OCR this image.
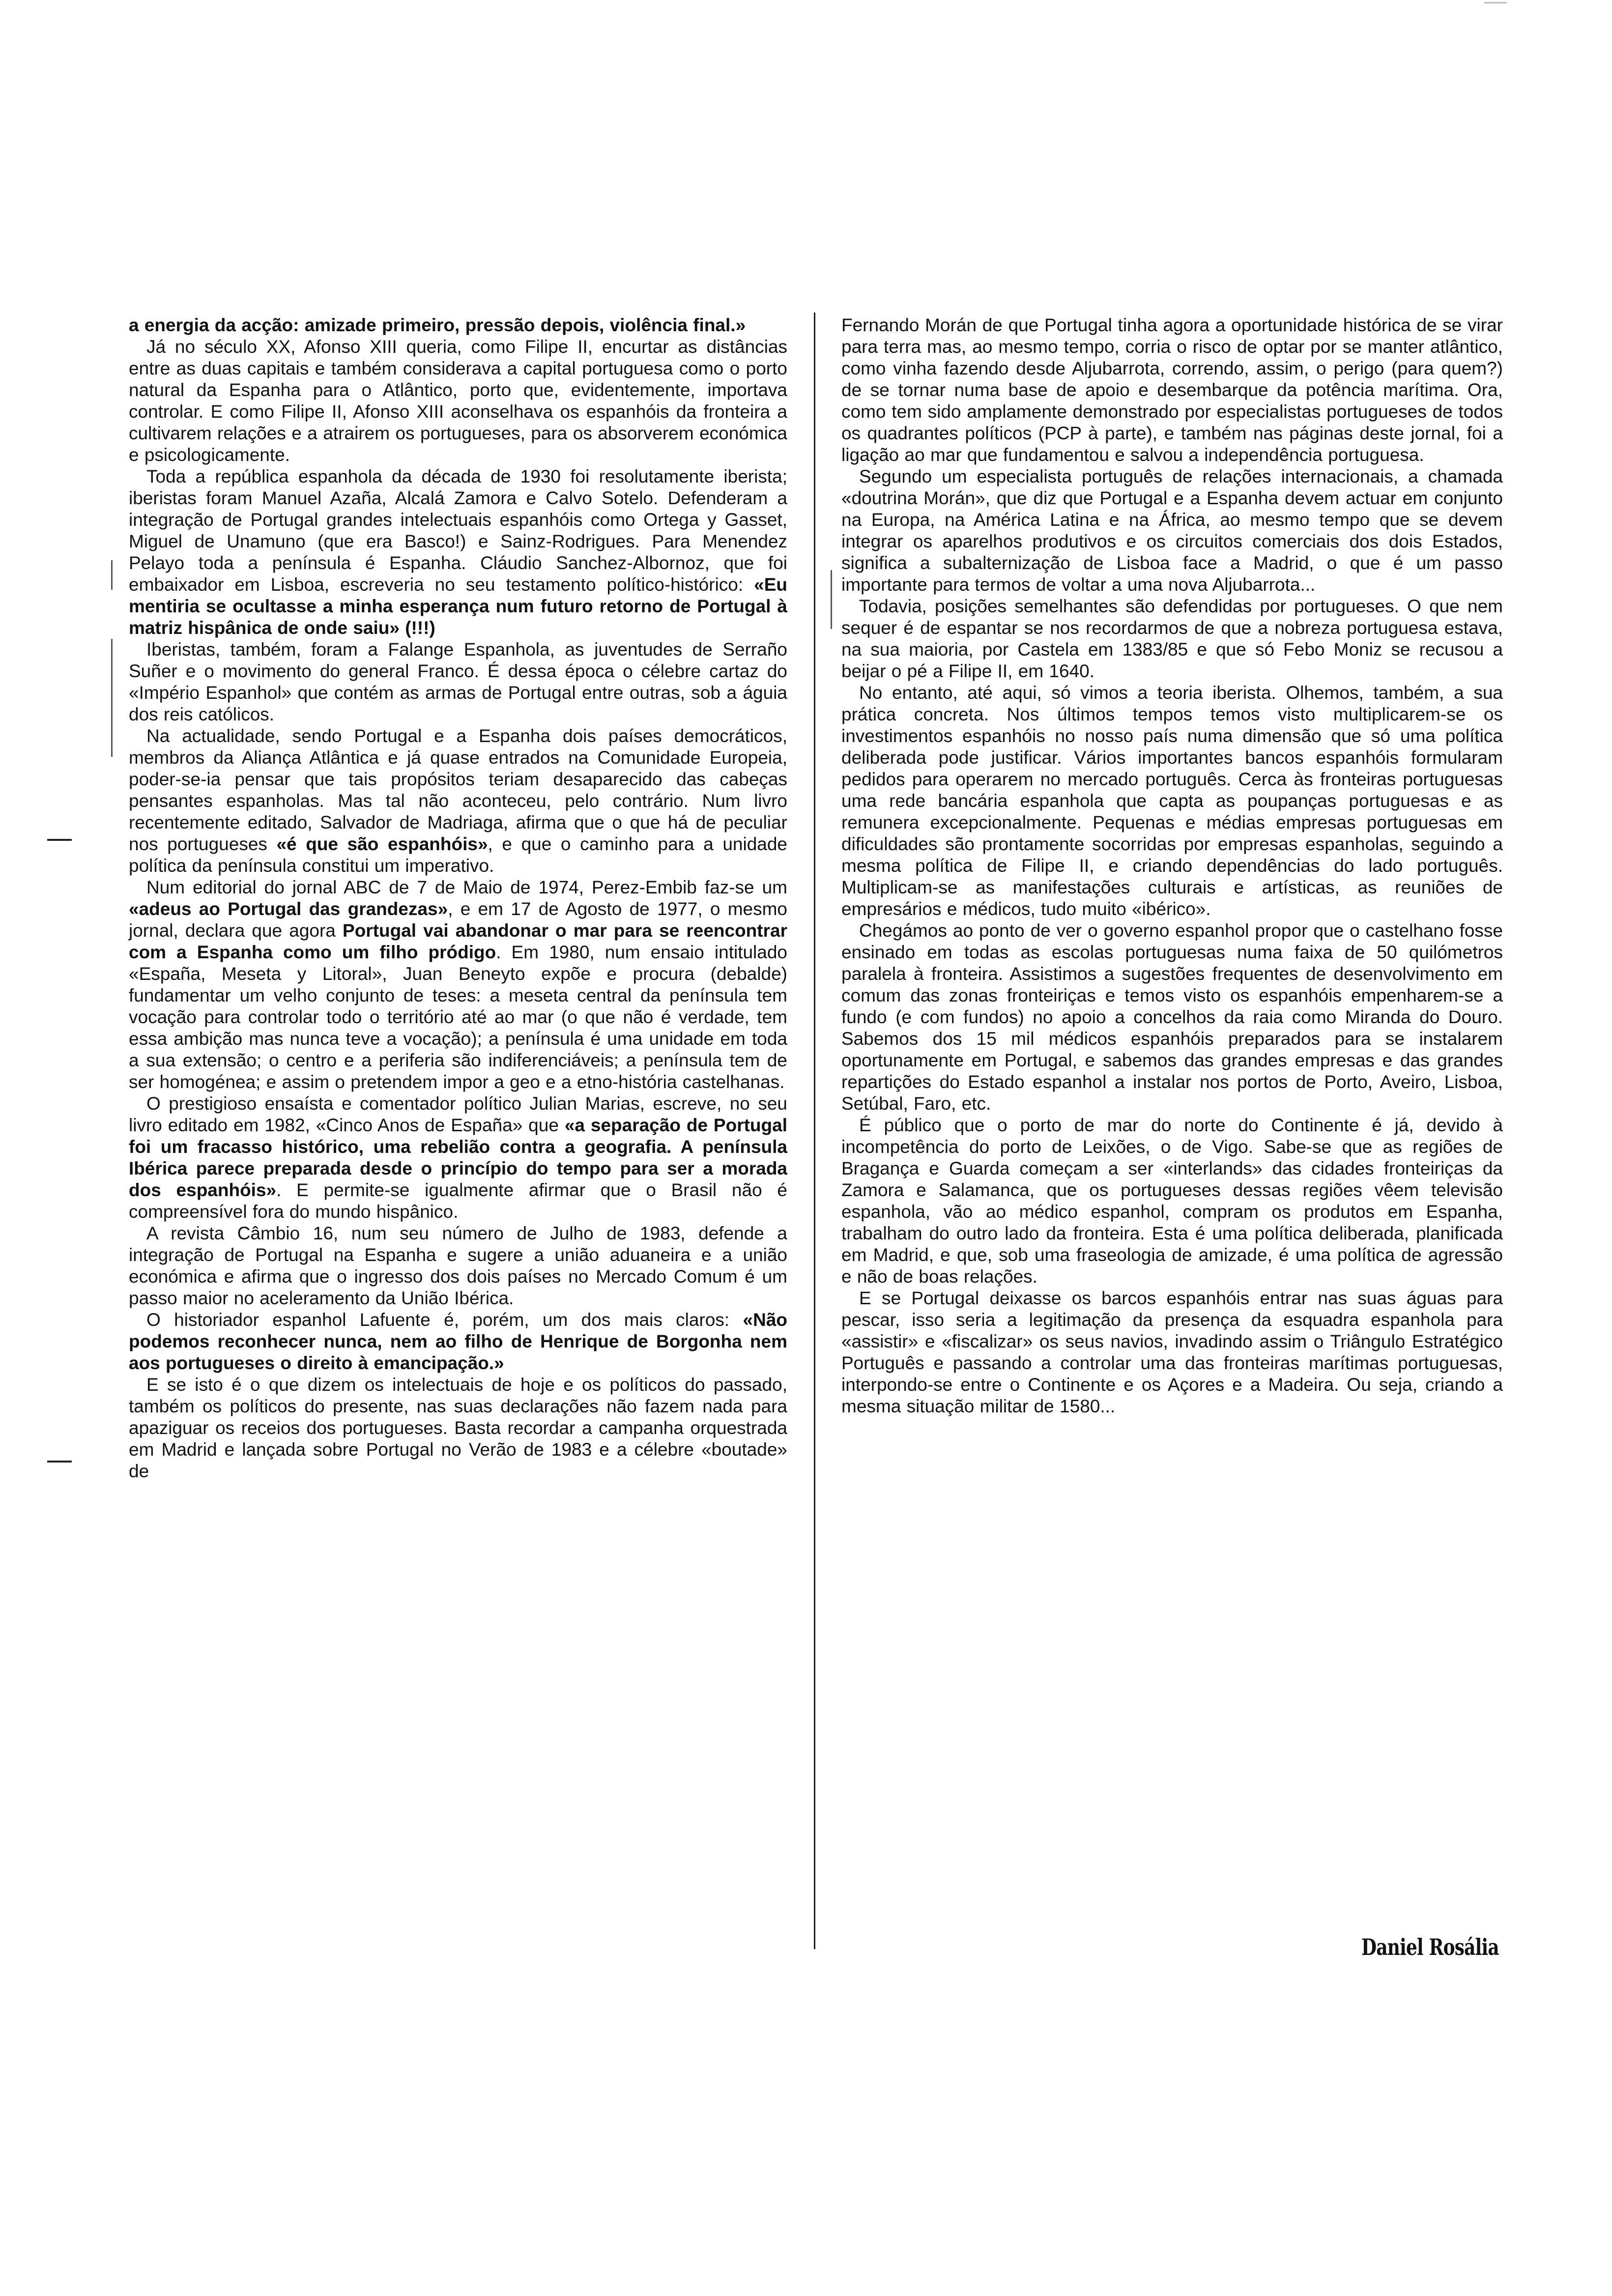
a energia da acção: amizade primeiro, pressão depois, violência final.»

Já no século XX, Afonso XIII queria, como Filipe II, encurtar as distâncias entre as duas capitais e também considerava a capital portuguesa como o porto natural da Espanha para o Atlântico, porto que, evidentemente, importava controlar. E como Filipe II, Afonso XIII aconselhava os espanhóis da fronteira a cultivarem relações e a atrairem os portugueses, para os absorverem económica e psicologicamente.

Toda a república espanhola da década de 1930 foi resolutamente iberista; iberistas foram Manuel Azaña, Alcalá Zamora e Calvo Sotelo. Defenderam a integração de Portugal grandes intelectuais espanhóis como Ortega y Gasset, Miguel de Unamuno (que era Basco!) e Sainz-Rodrigues. Para Menendez Pelayo toda a península é Espanha. Cláudio Sanchez-Albornoz, que foi embaixador em Lisboa, escreveria no seu testamento político-histórico: «Eu mentiria se ocultasse a minha esperança num futuro retorno de Portugal à matriz hispânica de onde saiu» (!!!)

Iberistas, também, foram a Falange Espanhola, as juventudes de Serraño Suñer e o movimento do general Franco. É dessa época o célebre cartaz do «Império Espanhol» que contém as armas de Portugal entre outras, sob a águia dos reis católicos.

Na actualidade, sendo Portugal e a Espanha dois países democráticos, membros da Aliança Atlântica e já quase entrados na Comunidade Europeia, poder-se-ia pensar que tais propósitos teriam desaparecido das cabeças pensantes espanholas. Mas tal não aconteceu, pelo contrário. Num livro recentemente editado, Salvador de Madriaga, afirma que o que há de peculiar nos portugueses «é que são espanhóis», e que o caminho para a unidade política da península constitui um imperativo.

Num editorial do jornal ABC de 7 de Maio de 1974, Perez-Embib faz-se um «adeus ao Portugal das grandezas», e em 17 de Agosto de 1977, o mesmo jornal, declara que agora Portugal vai abandonar o mar para se reencontrar com a Espanha como um filho pródigo. Em 1980, num ensaio intitulado «España, Meseta y Litoral», Juan Beneyto expõe e procura (debalde) fundamentar um velho conjunto de teses: a meseta central da península tem vocação para controlar todo o território até ao mar (o que não é verdade, tem essa ambição mas nunca teve a vocação); a península é uma unidade em toda a sua extensão; o centro e a periferia são indiferenciáveis; a península tem de ser homogénea; e assim o pretendem impor a geo e a etno-história castelhanas.

O prestigioso ensaísta e comentador político Julian Marias, escreve, no seu livro editado em 1982, «Cinco Anos de España» que «a separação de Portugal foi um fracasso histórico, uma rebelião contra a geografia. A península Ibérica parece preparada desde o princípio do tempo para ser a morada dos espanhóis». E permite-se igualmente afirmar que o Brasil não é compreensível fora do mundo hispânico.

A revista Câmbio 16, num seu número de Julho de 1983, defende a integração de Portugal na Espanha e sugere a união aduaneira e a união económica e afirma que o ingresso dos dois países no Mercado Comum é um passo maior no aceleramento da União Ibérica.

O historiador espanhol Lafuente é, porém, um dos mais claros: «Não podemos reconhecer nunca, nem ao filho de Henrique de Borgonha nem aos portugueses o direito à emancipação.»

E se isto é o que dizem os intelectuais de hoje e os políticos do passado, também os políticos do presente, nas suas declarações não fazem nada para apaziguar os receios dos portugueses. Basta recordar a campanha orquestrada em Madrid e lançada sobre Portugal no Verão de 1983 e a célebre «boutade» de

Fernando Morán de que Portugal tinha agora a oportunidade histórica de se virar para terra mas, ao mesmo tempo, corria o risco de optar por se manter atlântico, como vinha fazendo desde Aljubarrota, correndo, assim, o perigo (para quem?) de se tornar numa base de apoio e desembarque da potência marítima. Ora, como tem sido amplamente demonstrado por especialistas portugueses de todos os quadrantes políticos (PCP à parte), e também nas páginas deste jornal, foi a ligação ao mar que fundamentou e salvou a independência portuguesa.

Segundo um especialista português de relações internacionais, a chamada «doutrina Morán», que diz que Portugal e a Espanha devem actuar em conjunto na Europa, na América Latina e na África, ao mesmo tempo que se devem integrar os aparelhos produtivos e os circuitos comerciais dos dois Estados, significa a subalternização de Lisboa face a Madrid, o que é um passo importante para termos de voltar a uma nova Aljubarrota...

Todavia, posições semelhantes são defendidas por portugueses. O que nem sequer é de espantar se nos recordarmos de que a nobreza portuguesa estava, na sua maioria, por Castela em 1383/85 e que só Febo Moniz se recusou a beijar o pé a Filipe II, em 1640.

No entanto, até aqui, só vimos a teoria iberista. Olhemos, também, a sua prática concreta. Nos últimos tempos temos visto multiplicarem-se os investimentos espanhóis no nosso país numa dimensão que só uma política deliberada pode justificar. Vários importantes bancos espanhóis formularam pedidos para operarem no mercado português. Cerca às fronteiras portuguesas uma rede bancária espanhola que capta as poupanças portuguesas e as remunera excepcionalmente. Pequenas e médias empresas portuguesas em dificuldades são prontamente socorridas por empresas espanholas, seguindo a mesma política de Filipe II, e criando dependências do lado português. Multiplicam-se as manifestações culturais e artísticas, as reuniões de empresários e médicos, tudo muito «ibérico».

Chegámos ao ponto de ver o governo espanhol propor que o castelhano fosse ensinado em todas as escolas portuguesas numa faixa de 50 quilómetros paralela à fronteira. Assistimos a sugestões frequentes de desenvolvimento em comum das zonas fronteiriças e temos visto os espanhóis empenharem-se a fundo (e com fundos) no apoio a concelhos da raia como Miranda do Douro. Sabemos dos 15 mil médicos espanhóis preparados para se instalarem oportunamente em Portugal, e sabemos das grandes empresas e das grandes repartições do Estado espanhol a instalar nos portos de Porto, Aveiro, Lisboa, Setúbal, Faro, etc.

É público que o porto de mar do norte do Continente é já, devido à incompetência do porto de Leixões, o de Vigo. Sabe-se que as regiões de Bragança e Guarda começam a ser «interlands» das cidades fronteiriças da Zamora e Salamanca, que os portugueses dessas regiões vêem televisão espanhola, vão ao médico espanhol, compram os produtos em Espanha, trabalham do outro lado da fronteira. Esta é uma política deliberada, planificada em Madrid, e que, sob uma fraseologia de amizade, é uma política de agressão e não de boas relações.

E se Portugal deixasse os barcos espanhóis entrar nas suas águas para pescar, isso seria a legitimação da presença da esquadra espanhola para «assistir» e «fiscalizar» os seus navios, invadindo assim o Triângulo Estratégico Português e passando a controlar uma das fronteiras marítimas portuguesas, interpondo-se entre o Continente e os Açores e a Madeira. Ou seja, criando a mesma situação militar de 1580...

Daniel Rosália
